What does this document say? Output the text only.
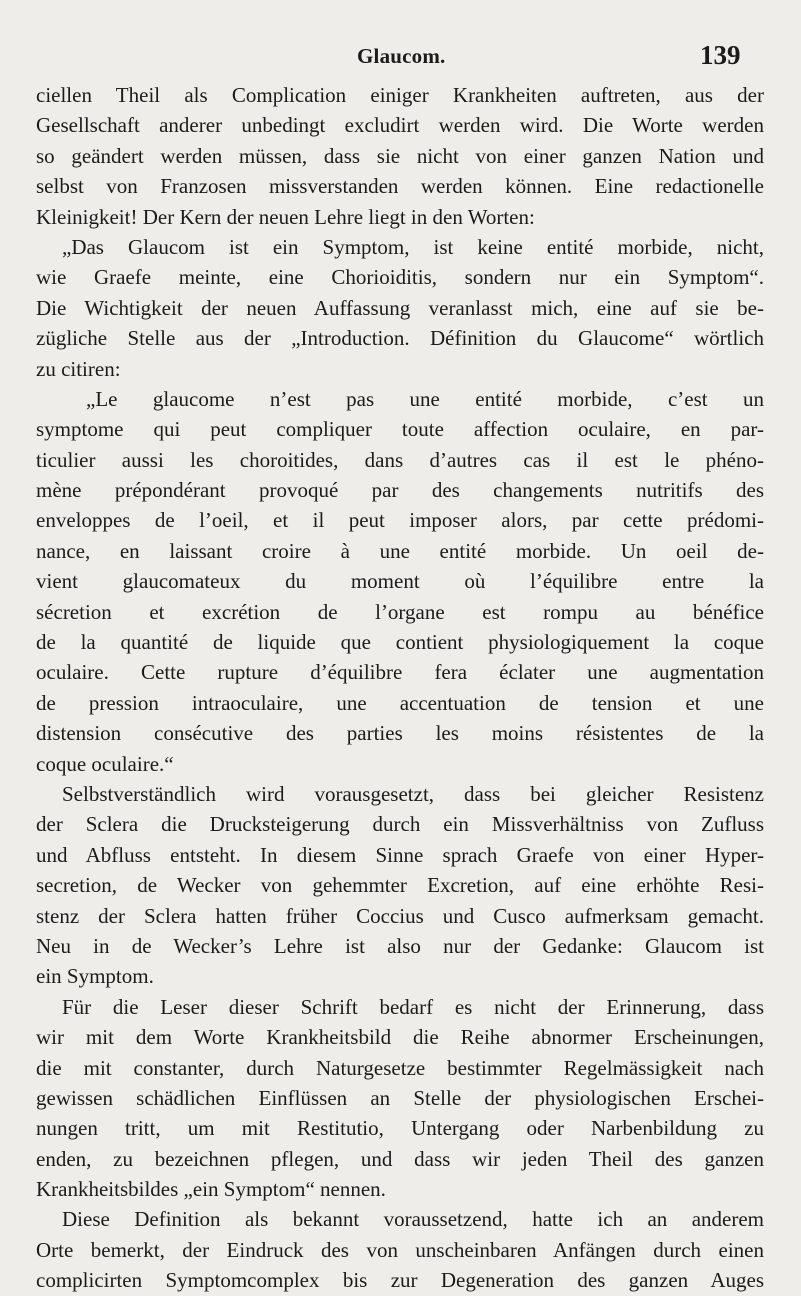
Glaucom.	139
ciellen Theil als Complication einiger Krankheiten auftreten, aus der
Gesellschaft anderer unbedingt excludirt werden wird. Die Worte werden
so geändert werden müssen, dass sie nicht von einer ganzen Nation und
selbst von Franzosen missverstanden werden können. Eine redactionelle
Kleinigkeit! Der Kern der neuen Lehre liegt in den Worten:
„Das Glaucom ist ein Symptom, ist keine entité morbide, nicht,
wie Graefe meinte, eine Chorioiditis, sondern nur ein Symptom“.
Die Wichtigkeit der neuen Auffassung veranlasst mich, eine auf sie be-
zügliche Stelle aus der „Introduction. Définition du Glaucome“ wörtlich
zu citiren:
„Le glaucome n’est pas une entité morbide, c’est un
symptome qui peut compliquer toute affection oculaire, en par-
ticulier aussi les choroitides, dans d’autres cas il est le phéno-
mène prépondérant provoqué par des changements nutritifs des
enveloppes de l’oeil, et il peut imposer alors, par cette prédomi-
nance, en laissant croire à une entité morbide. Un oeil de-
vient glaucomateux du moment où l’équilibre entre la
sécretion et excrétion de l’organe est rompu au bénéfice
de la quantité de liquide que contient physiologiquement la coque
oculaire. Cette rupture d’équilibre fera éclater une augmentation
de pression intraoculaire, une accentuation de tension et une
distension consécutive des parties les moins résistentes de la
coque oculaire.“
Selbstverständlich wird vorausgesetzt, dass bei gleicher Resistenz
der Sclera die Drucksteigerung durch ein Missverhältniss von Zufluss
und Abfluss entsteht. In diesem Sinne sprach Graefe von einer Hyper-
secretion, de Wecker von gehemmter Excretion, auf eine erhöhte Resi-
stenz der Sclera hatten früher Coccius und Cusco aufmerksam gemacht.
Neu in de Wecker’s Lehre ist also nur der Gedanke: Glaucom ist
ein Symptom.
Für die Leser dieser Schrift bedarf es nicht der Erinnerung, dass
wir mit dem Worte Krankheitsbild die Reihe abnormer Erscheinungen,
die mit constanter, durch Naturgesetze bestimmter Regelmässigkeit nach
gewissen schädlichen Einflüssen an Stelle der physiologischen Erschei-
nungen tritt, um mit Restitutio, Untergang oder Narbenbildung zu
enden, zu bezeichnen pflegen, und dass wir jeden Theil des ganzen
Krankheitsbildes „ein Symptom“ nennen.
Diese Definition als bekannt voraussetzend, hatte ich an anderem
Orte bemerkt, der Eindruck des von unscheinbaren Anfängen durch einen
complicirten Symptomcomplex bis zur Degeneration des ganzen Auges
